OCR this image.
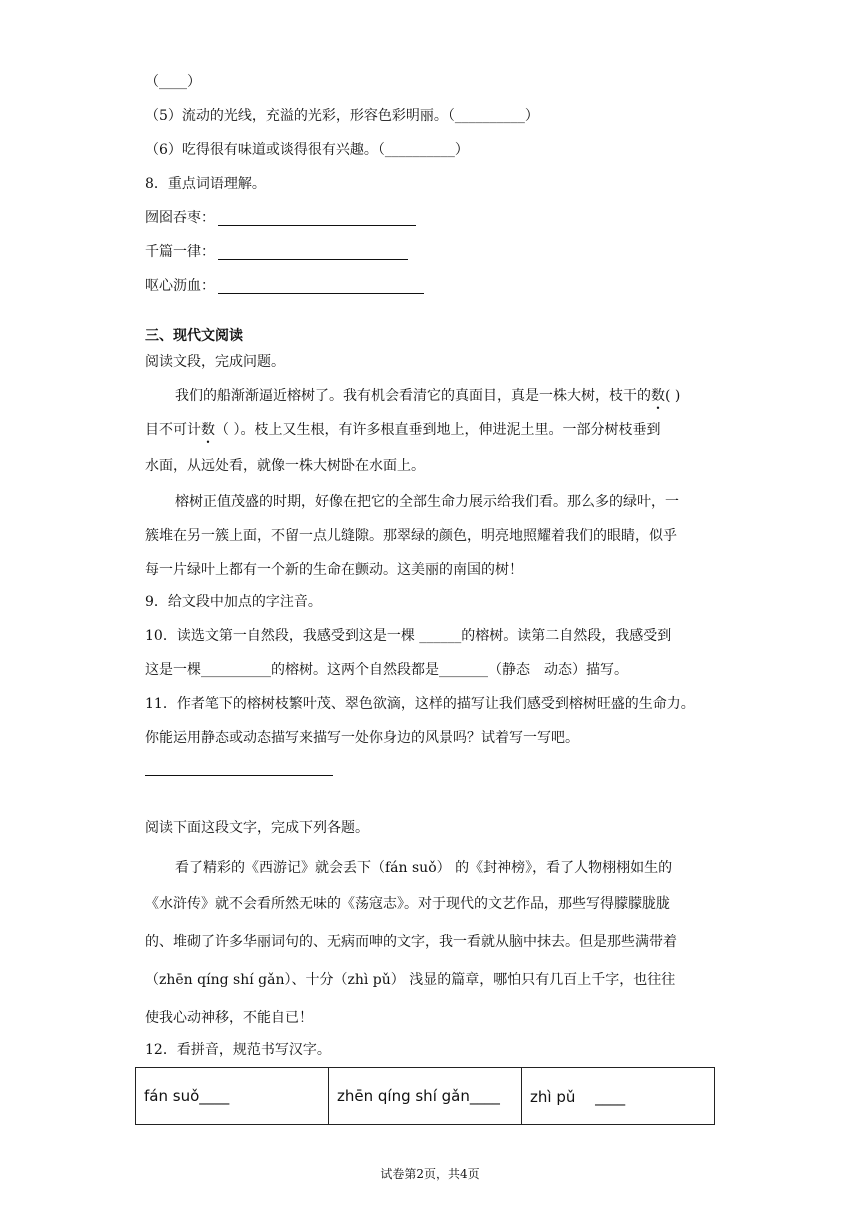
（____）
（5）流动的光线，充溢的光彩，形容色彩明丽。（__________）
（6）吃得很有味道或谈得很有兴趣。（__________）
8．重点词语理解。
囫囵吞枣：
千篇一律：
呕心沥血：
三、现代文阅读
阅读文段，完成问题。
我们的船渐渐逼近榕树了。我有机会看清它的真面目，真是一株大树，枝干的数( )
目不可计数（ ）。枝上又生根，有许多根直垂到地上，伸进泥土里。一部分树枝垂到
水面，从远处看，就像一株大树卧在水面上。
榕树正值茂盛的时期，好像在把它的全部生命力展示给我们看。那么多的绿叶，一
簇堆在另一簇上面，不留一点儿缝隙。那翠绿的颜色，明亮地照耀着我们的眼睛，似乎
每一片绿叶上都有一个新的生命在颤动。这美丽的南国的树！
9．给文段中加点的字注音。
10．读选文第一自然段，我感受到这是一棵 ______的榕树。读第二自然段，我感受到
这是一棵__________的榕树。这两个自然段都是_______（静态　动态）描写。
11．作者笔下的榕树枝繁叶茂、翠色欲滴，这样的描写让我们感受到榕树旺盛的生命力。
你能运用静态或动态描写来描写一处你身边的风景吗？试着写一写吧。
阅读下面这段文字，完成下列各题。
看了精彩的《西游记》就会丢下（fán suǒ） 的《封神榜》，看了人物栩栩如生的
《水浒传》就不会看所然无味的《荡寇志》。对于现代的文艺作品，那些写得朦朦胧胧
的、堆砌了许多华丽词句的、无病而呻的文字，我一看就从脑中抹去。但是那些满带着
（zhēn qíng shí gǎn）、十分（zhì pǔ） 浅显的篇章，哪怕只有几百上千字，也往往
使我心动神移，不能自已！
12．看拼音，规范书写汉字。
fán suǒ____	zhēn qíng shí gǎn____	zhì pǔ　 ____
试卷第2页，共4页
